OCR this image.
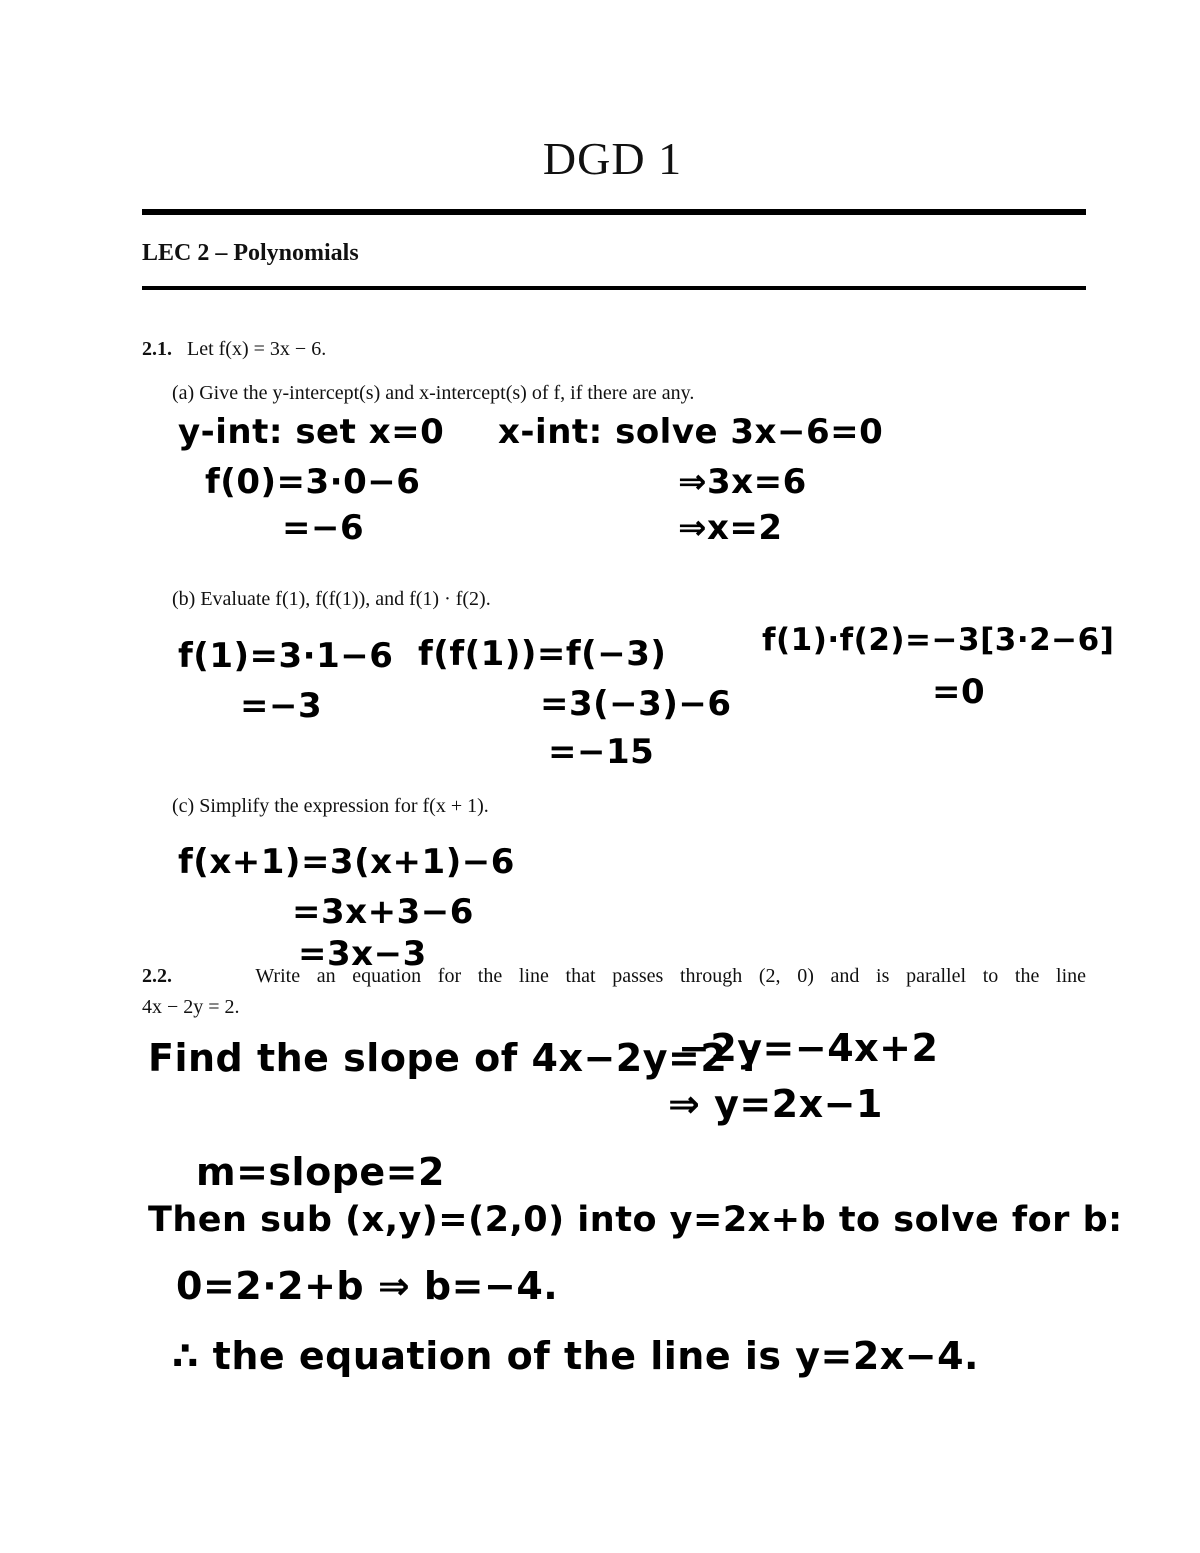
DGD 1
LEC 2 – Polynomials
2.1. Let f(x) = 3x − 6.
(a) Give the y-intercept(s) and x-intercept(s) of f, if there are any.
y-int: set x=0
f(0)=3·0−6
=−6
x-int: solve 3x−6=0
⇒3x=6
⇒x=2
(b) Evaluate f(1), f(f(1)), and f(1) · f(2).
f(1)=3·1−6
=−3
f(f(1))=f(−3)
=3(−3)−6
=−15
f(1)·f(2)=−3[3·2−6]
=0
(c) Simplify the expression for f(x + 1).
f(x+1)=3(x+1)−6
=3x+3−6
=3x−3
2.2.	Write an equation for the line that passes through (2, 0) and is parallel to the line
4x − 2y = 2.
Find the slope of 4x−2y=2 :
−2y=−4x+2
⇒ y=2x−1
m=slope=2
Then sub (x,y)=(2,0) into y=2x+b to solve for b:
0=2·2+b ⇒ b=−4.
∴ the equation of the line is y=2x−4.
